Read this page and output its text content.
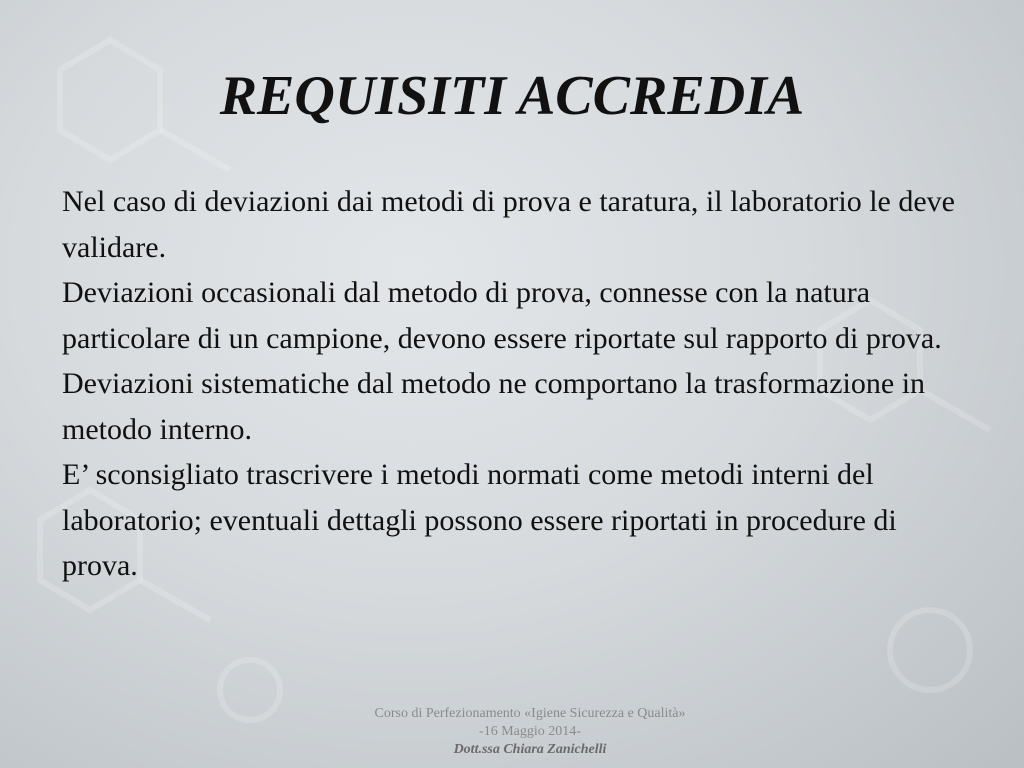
REQUISITI ACCREDIA

Nel caso di deviazioni dai metodi di prova e taratura, il laboratorio le deve validare.

Deviazioni occasionali dal metodo di prova, connesse con la natura particolare di un campione, devono essere riportate sul rapporto di prova.

Deviazioni sistematiche dal metodo ne comportano la trasformazione in metodo interno.

E’ sconsigliato trascrivere i metodi normati come metodi interni del laboratorio; eventuali dettagli possono essere riportati in procedure di prova.

Corso di Perfezionamento «Igiene Sicurezza e Qualità»
-16 Maggio 2014-
Dott.ssa Chiara Zanichelli
